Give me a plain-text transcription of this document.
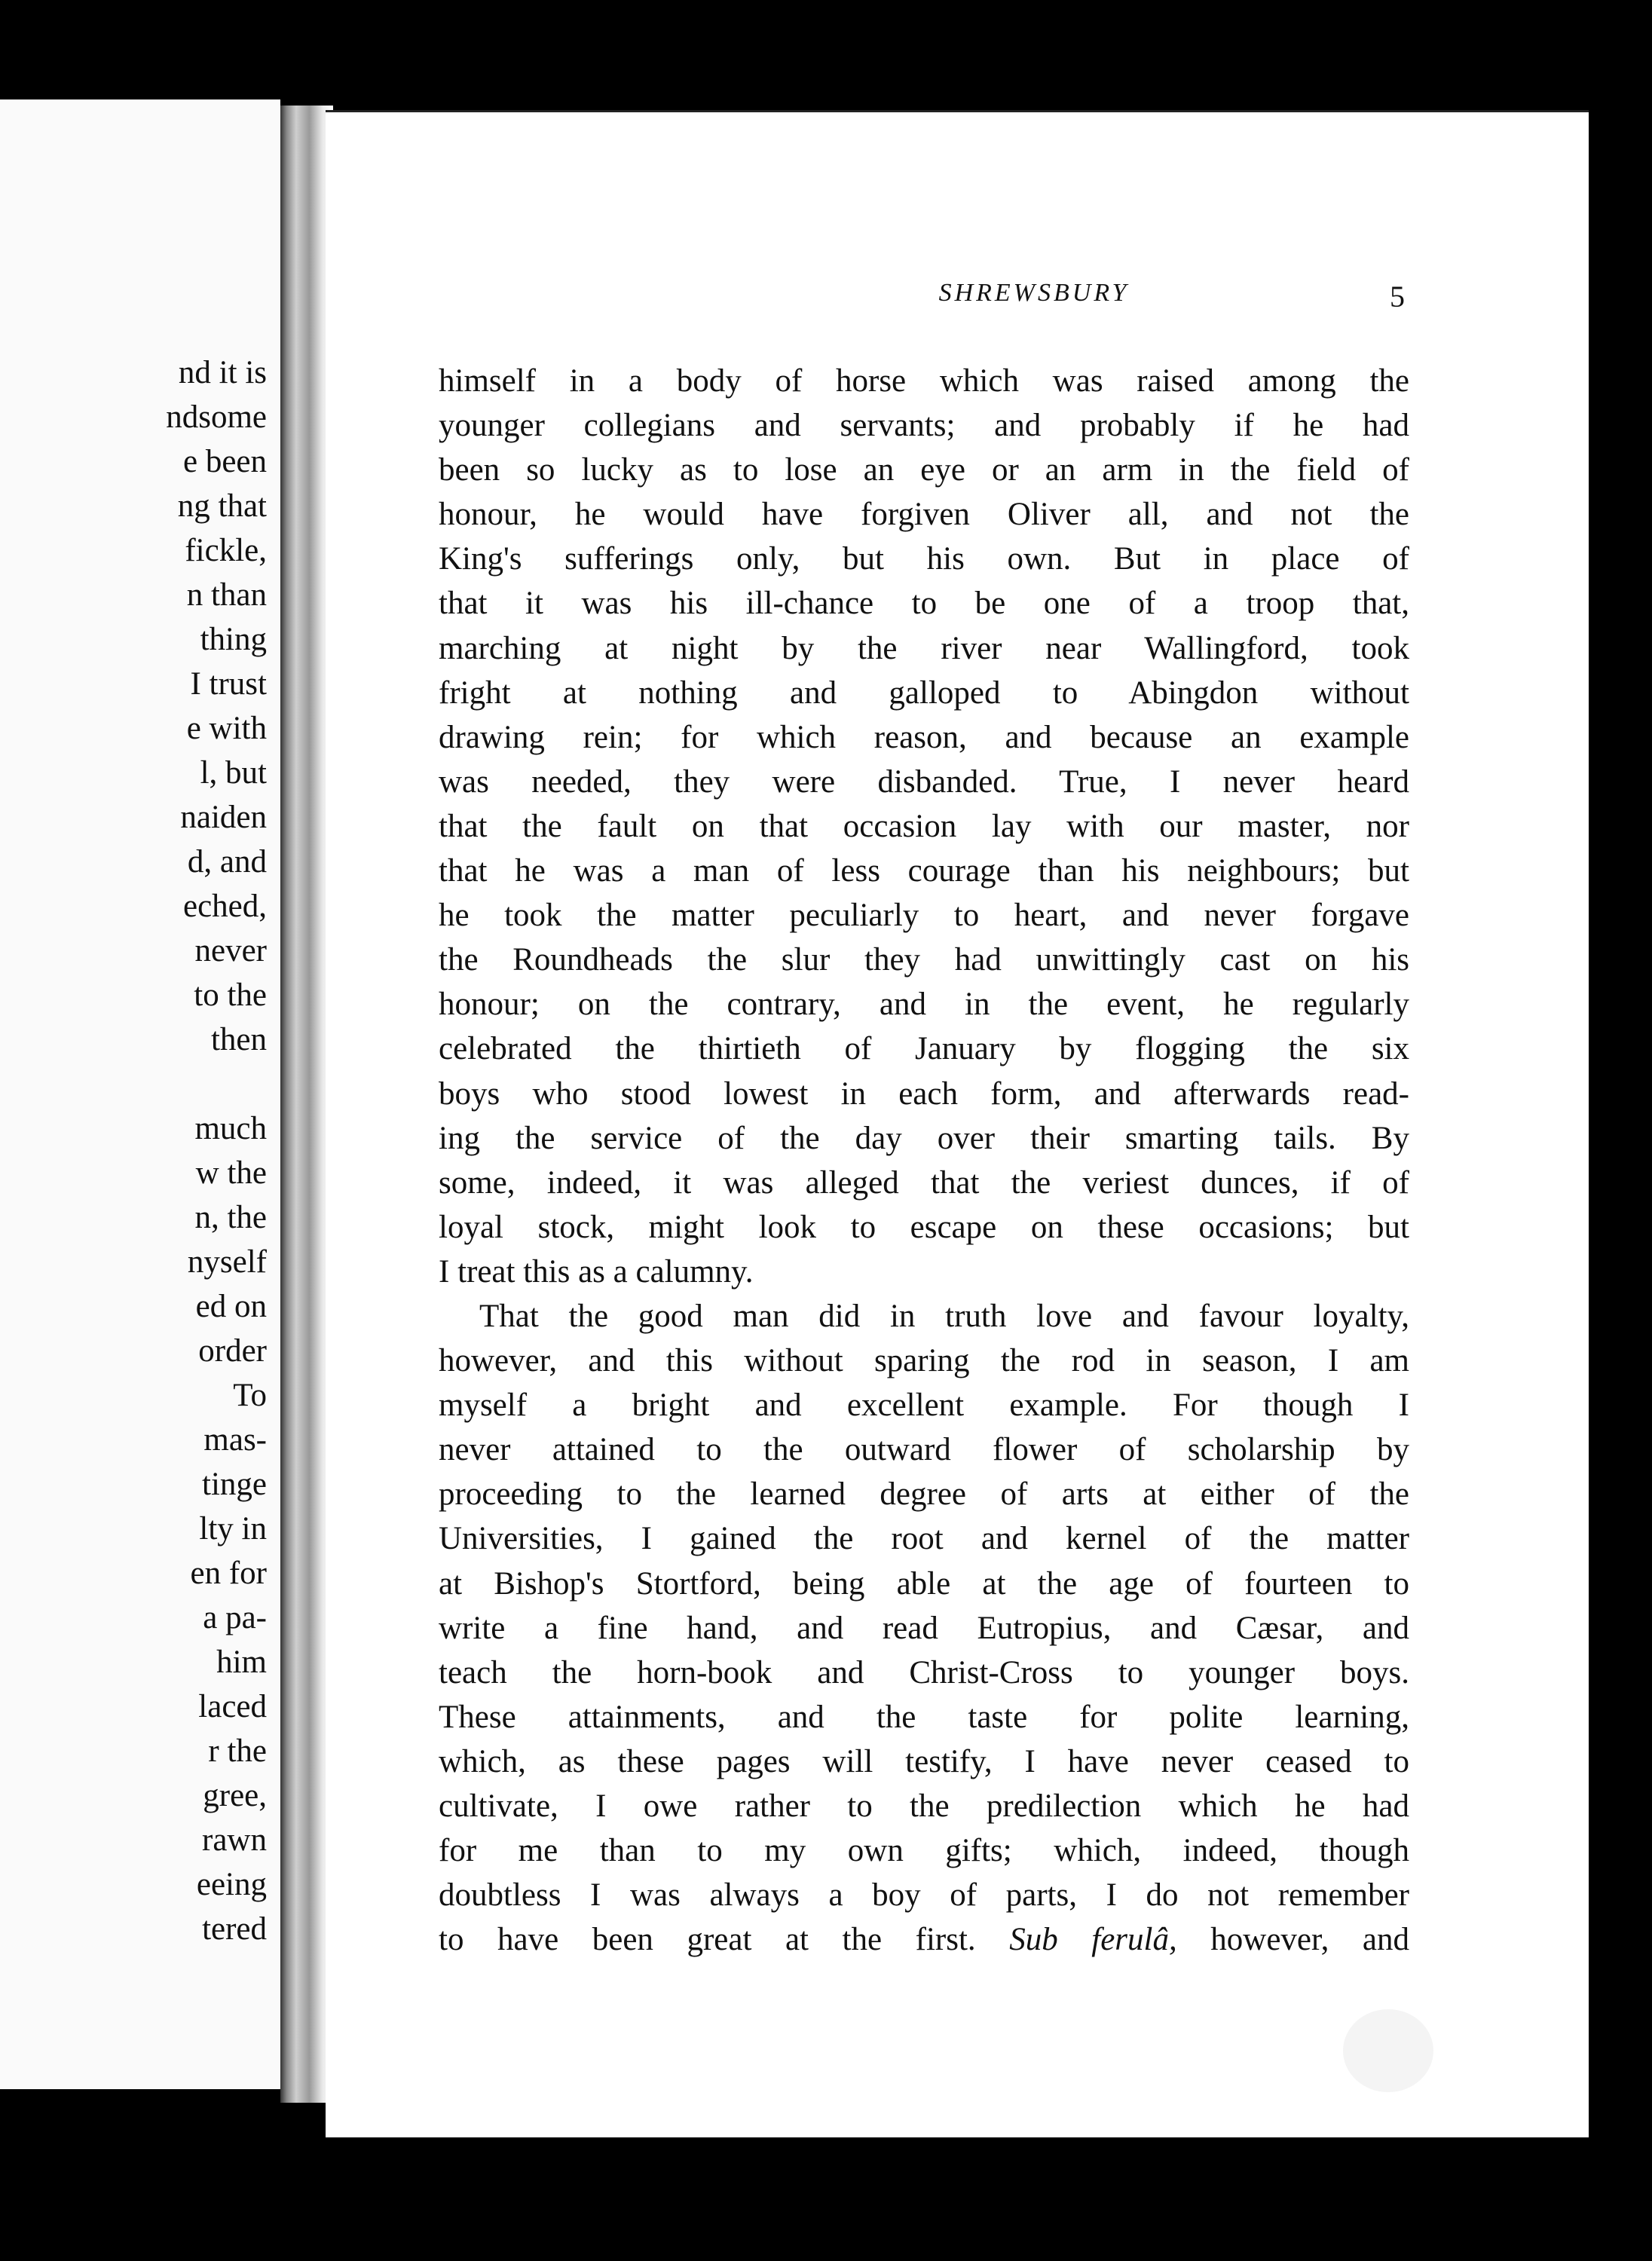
nd it is
ndsome
e been
ng that
fickle,
n than
thing
I trust
e with
l, but
naiden
d, and
eched,
never
to the
then
much
w the
n, the
nyself
ed on
order
To
mas-
tinge
lty in
en for
a pa-
him
laced
r the
gree,
rawn
eeing
tered
SHREWSBURY	5
himself in a body of horse which was raised among the
younger collegians and servants; and probably if he had
been so lucky as to lose an eye or an arm in the field of
honour, he would have forgiven Oliver all, and not the
King's sufferings only, but his own. But in place of
that it was his ill-chance to be one of a troop that,
marching at night by the river near Wallingford, took
fright at nothing and galloped to Abingdon without
drawing rein; for which reason, and because an example
was needed, they were disbanded. True, I never heard
that the fault on that occasion lay with our master, nor
that he was a man of less courage than his neighbours; but
he took the matter peculiarly to heart, and never forgave
the Roundheads the slur they had unwittingly cast on his
honour; on the contrary, and in the event, he regularly
celebrated the thirtieth of January by flogging the six
boys who stood lowest in each form, and afterwards read-
ing the service of the day over their smarting tails. By
some, indeed, it was alleged that the veriest dunces, if of
loyal stock, might look to escape on these occasions; but
I treat this as a calumny.
That the good man did in truth love and favour loyalty,
however, and this without sparing the rod in season, I am
myself a bright and excellent example. For though I
never attained to the outward flower of scholarship by
proceeding to the learned degree of arts at either of the
Universities, I gained the root and kernel of the matter
at Bishop's Stortford, being able at the age of fourteen to
write a fine hand, and read Eutropius, and Cæsar, and
teach the horn-book and Christ-Cross to younger boys.
These attainments, and the taste for polite learning,
which, as these pages will testify, I have never ceased to
cultivate, I owe rather to the predilection which he had
for me than to my own gifts; which, indeed, though
doubtless I was always a boy of parts, I do not remember
to have been great at the first. Sub ferulâ, however, and
